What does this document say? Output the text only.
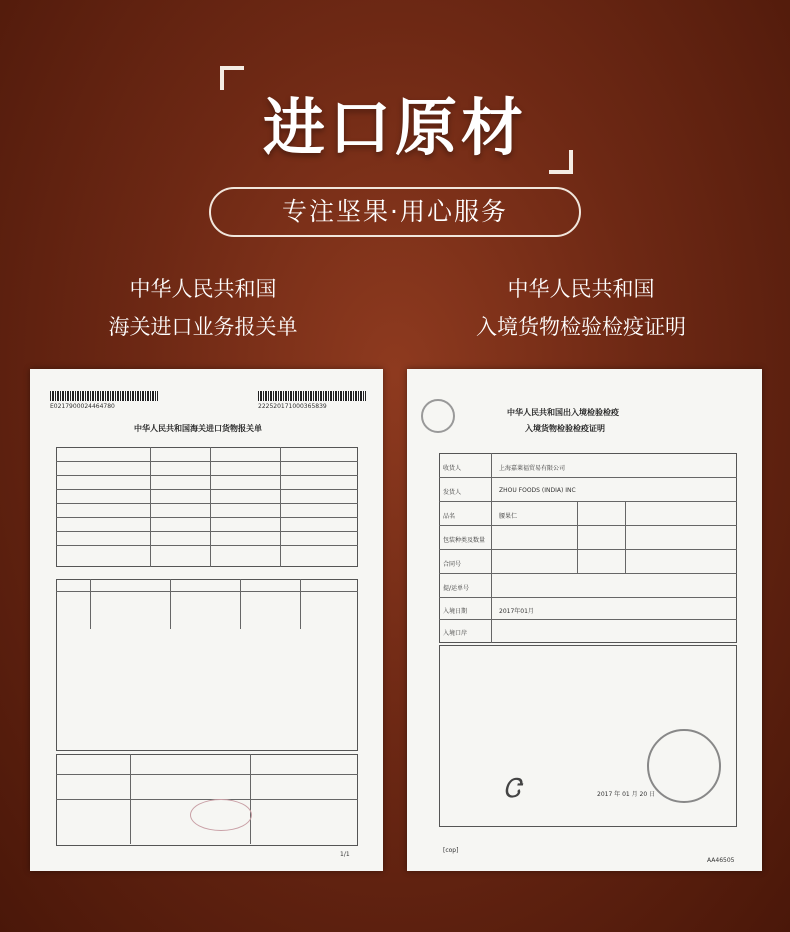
进口原材
专注坚果·用心服务
中华人民共和国
海关进口业务报关单
中华人民共和国
入境货物检验检疫证明
E0217900024464780	222520171000365839
中华人民共和国海关进口货物报关单
1/1
中华人民共和国出入境检验检疫
入境货物检验检疫证明
收货人
发货人
品名
包装种类及数量
合同号
提/运单号
入境日期
入境口岸
上海嘉莱福贸易有限公司
ZHOU FOODS (INDIA) INC
腰果仁
2017年01月
Ꮳ	2017 年 01 月 20 日
[cop]
AA46505
